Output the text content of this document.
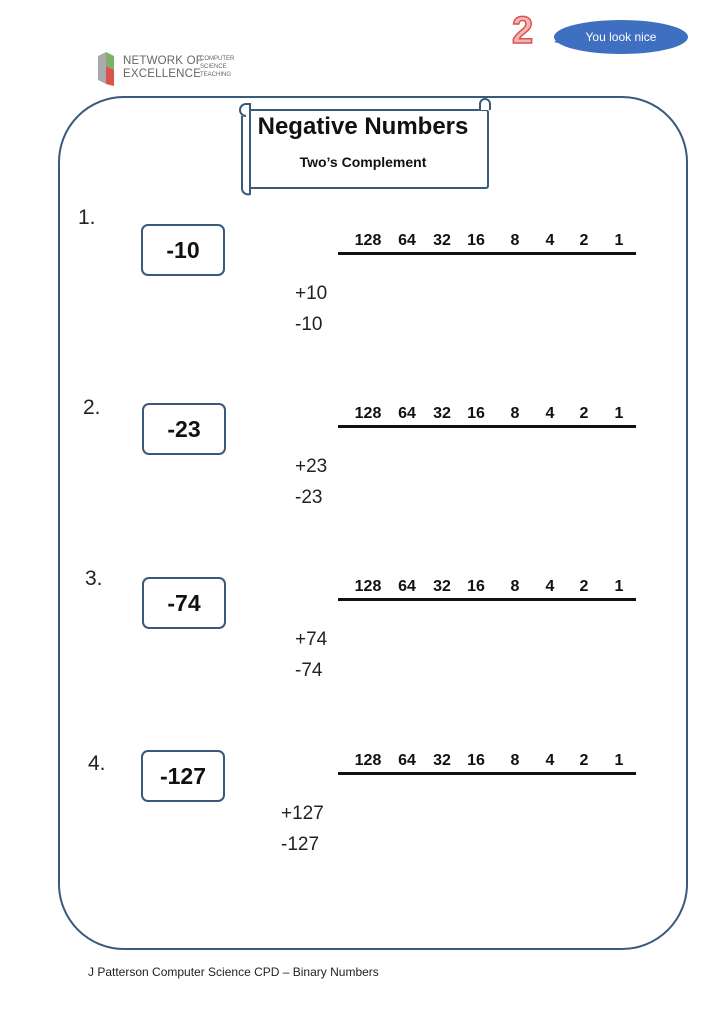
2	You look nice
NETWORK OF
EXCELLENCE
COMPUTER
SCIENCE
TEACHING
Negative Numbers
Two’s Complement
1.
-10	128	64	32	16	8	4	2	1
+10
-10
2.
-23
128	64	32	16	8	4	2	1
+23
-23
3.
-74
128	64	32	16	8	4	2	1
+74
-74
4.	-127
128	64	32	16	8	4	2	1
+127
-127
J Patterson Computer Science CPD – Binary Numbers
